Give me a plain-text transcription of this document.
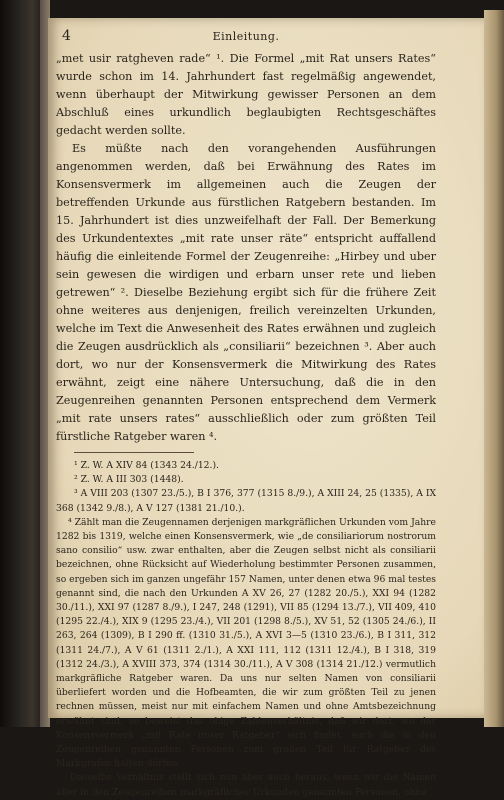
4	Einleitung.

„met usir ratgheven rade“ ¹. Die Formel „mit Rat unsers Rates“ wurde schon im 14. Jahrhundert fast regelmäßig angewendet, wenn überhaupt der Mitwirkung gewisser Personen an dem Abschluß eines urkundlich beglaubigten Rechtsgeschäftes gedacht werden sollte.

Es müßte nach den vorangehenden Ausführungen angenommen werden, daß bei Erwähnung des Rates im Konsensvermerk im allgemeinen auch die Zeugen der betreffenden Urkunde aus fürstlichen Ratgebern bestanden. Im 15. Jahrhundert ist dies unzweifelhaft der Fall. Der Bemerkung des Urkundentextes „mit rate unser räte“ entspricht auffallend häufig die einleitende Formel der Zeugenreihe: „Hirbey und uber sein gewesen die wirdigen und erbarn unser rete und lieben getrewen“ ². Dieselbe Beziehung ergibt sich für die frühere Zeit ohne weiteres aus denjenigen, freilich vereinzelten Urkunden, welche im Text die Anwesenheit des Rates erwähnen und zugleich die Zeugen ausdrücklich als „consiliarii“ bezeichnen ³. Aber auch dort, wo nur der Konsensvermerk die Mitwirkung des Rates erwähnt, zeigt eine nähere Untersuchung, daß die in den Zeugenreihen genannten Personen entsprechend dem Vermerk „mit rate unsers rates“ ausschließlich oder zum größten Teil fürstliche Ratgeber waren ⁴.

¹ Z. W. A XIV 84 (1343 24./12.).

² Z. W. A III 303 (1448).

³ A VIII 203 (1307 23./5.), B I 376, 377 (1315 8./9.), A XIII 24, 25 (1335), A IX 368 (1342 9./8.), A V 127 (1381 21./10.).

⁴ Zählt man die Zeugennamen derjenigen markgräflichen Urkunden vom Jahre 1282 bis 1319, welche einen Konsensvermerk, wie „de consiliariorum nostrorum sano consilio“ usw. zwar enthalten, aber die Zeugen selbst nicht als consiliarii bezeichnen, ohne Rücksicht auf Wiederholung bestimmter Personen zusammen, so ergeben sich im ganzen ungefähr 157 Namen, unter denen etwa 96 mal testes genannt sind, die nach den Urkunden A XV 26, 27 (1282 20./5.), XXI 94 (1282 30./11.), XXI 97 (1287 8./9.), I 247, 248 (1291), VII 85 (1294 13./7.), VII 409, 410 (1295 22./4.), XIX 9 (1295 23./4.), VII 201 (1298 8./5.), XV 51, 52 (1305 24./6.), II 263, 264 (1309), B I 290 ff. (1310 31./5.), A XVI 3—5 (1310 23./6.), B I 311, 312 (1311 24./7.), A V 61 (1311 2./1.), A XXI 111, 112 (1311 12./4.), B I 318, 319 (1312 24./3.), A XVIII 373, 374 (1314 30./11.), A V 308 (1314 21./12.) vermutlich markgräfliche Ratgeber waren. Da uns nur selten Namen von consiliarii überliefert worden und die Hofbeamten, die wir zum größten Teil zu jenen rechnen müssen, meist nur mit einfachem Namen und ohne Amtsbezeichnung erwähnt sind, so beweist das obige Zahlenverhältnis, daß wir dort, wo der Konsensvermerk „mit Rate unser Ratgeber“ sich findet, auch die in den Zeugenreihen genannten Personen zum großen Teil für Ratgeber des Markgrafen halten dürfen.

Dasselbe Verhältnis stellt sich nun aber auch heraus, wenn wir die Namen aller in den Zeugenreihen markgräflicher Urkunden genannten Personen, ohne
